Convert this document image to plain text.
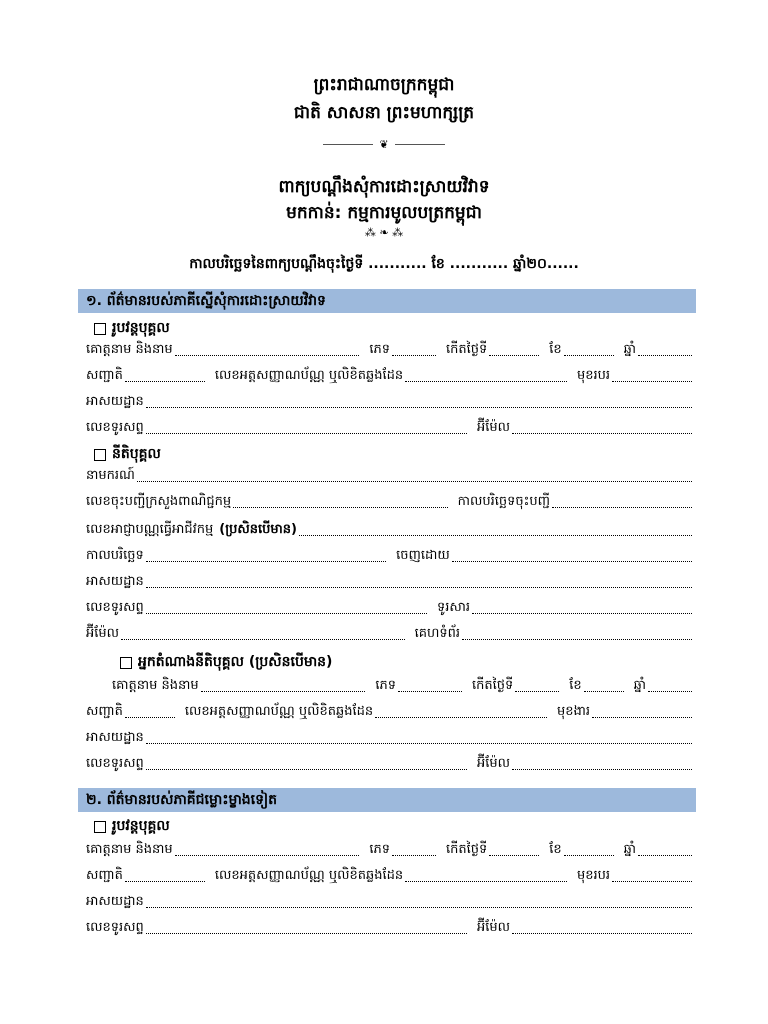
ព្រះរាជាណាចក្រកម្ពុជា
ជាតិ សាសនា ព្រះមហាក្សត្រ
❦
ពាក្យបណ្តឹងសុំការដោះស្រាយវិវាទ
មកកាន់: កម្មការមូលបត្រកម្ពុជា
⁂ ❧ ⁂
កាលបរិច្ឆេទនៃពាក្យបណ្តឹងចុះថ្ងៃទី ........... ខែ ........... ឆ្នាំ២០......
១. ព័ត៌មានរបស់ភាគីស្នើសុំការដោះស្រាយវិវាទ
រូបវន្តបុគ្គល
គោត្តនាម និងនាម	ភេទ	កើតថ្ងៃទី	ខែ	ឆ្នាំ
សញ្ជាតិ	លេខអត្តសញ្ញាណប័ណ្ណ ឬលិខិតឆ្លងដែន	មុខរបរ
អាសយដ្ឋាន
លេខទូរសព្ទ	អ៊ីម៉ែល
នីតិបុគ្គល
នាមករណ៍
លេខចុះបញ្ជីក្រសួងពាណិជ្ជកម្ម	កាលបរិច្ឆេទចុះបញ្ជី
លេខអាជ្ញាបណ្ណធ្វើអាជីវកម្ម (ប្រសិនបើមាន)
កាលបរិច្ឆេទ	ចេញដោយ
អាសយដ្ឋាន
លេខទូរសព្ទ	ទូរសារ
អ៊ីម៉ែល	គេហទំព័រ
អ្នកតំណាងនីតិបុគ្គល (ប្រសិនបើមាន)
គោត្តនាម និងនាម	ភេទ	កើតថ្ងៃទី	ខែ	ឆ្នាំ
សញ្ជាតិ	លេខអត្តសញ្ញាណប័ណ្ណ ឬលិខិតឆ្លងដែន	មុខងារ
អាសយដ្ឋាន
លេខទូរសព្ទ	អ៊ីម៉ែល
២. ព័ត៌មានរបស់ភាគីជម្លោះម្ខាងទៀត
រូបវន្តបុគ្គល
គោត្តនាម និងនាម	ភេទ	កើតថ្ងៃទី	ខែ	ឆ្នាំ
សញ្ជាតិ	លេខអត្តសញ្ញាណប័ណ្ណ ឬលិខិតឆ្លងដែន	មុខរបរ
អាសយដ្ឋាន
លេខទូរសព្ទ	អ៊ីម៉ែល
